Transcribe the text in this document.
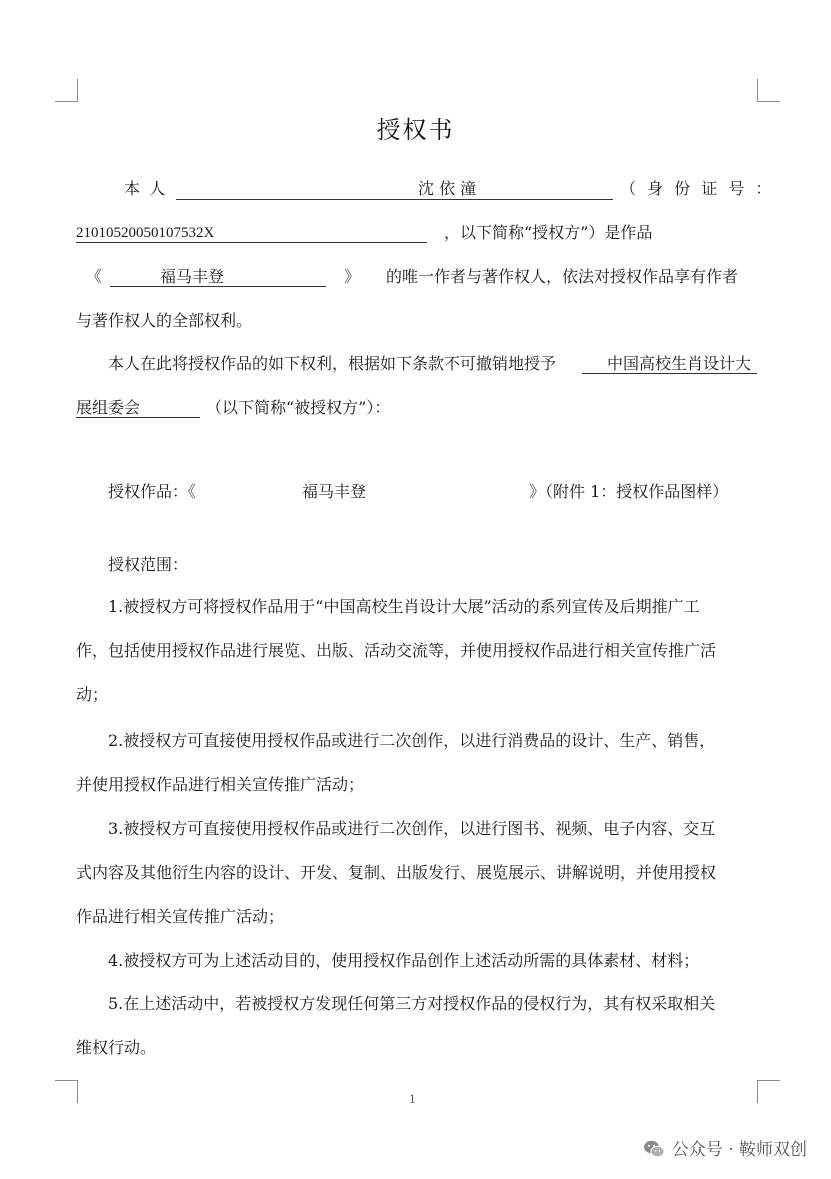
授权书
本 人	沈 依 潼	（ 身 份 证 号 ：
21010520050107532X	，以下简称“授权方”）是作品
《	福马丰登	》 的唯一作者与著作权人，依法对授权作品享有作者
与著作权人的全部权利。
本人在此将授权作品的如下权利，根据如下条款不可撤销地授予	中国高校生肖设计大
展组委会	（以下简称“被授权方”）：
授权作品：《	福马丰登	》（附件 1：授权作品图样）
授权范围：
1.被授权方可将授权作品用于“中国高校生肖设计大展”活动的系列宣传及后期推广工
作，包括使用授权作品进行展览、出版、活动交流等，并使用授权作品进行相关宣传推广活
动；
2.被授权方可直接使用授权作品或进行二次创作，以进行消费品的设计、生产、销售，
并使用授权作品进行相关宣传推广活动；
3.被授权方可直接使用授权作品或进行二次创作，以进行图书、视频、电子内容、交互
式内容及其他衍生内容的设计、开发、复制、出版发行、展览展示、讲解说明，并使用授权
作品进行相关宣传推广活动；
4.被授权方可为上述活动目的，使用授权作品创作上述活动所需的具体素材、材料；
5.在上述活动中，若被授权方发现任何第三方对授权作品的侵权行为，其有权采取相关
维权行动。
1
公众号 · 鞍师双创
